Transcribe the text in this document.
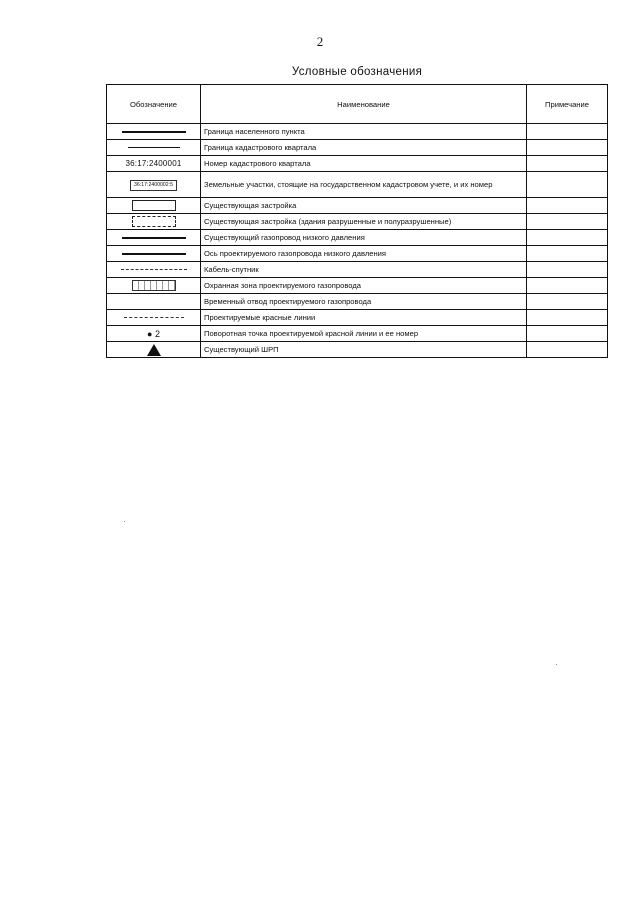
2
Условные обозначения
Обозначение	Наименование	Примечание

	Граница населенного пункта	

	Граница кадастрового квартала	
36:17:2400001	Номер кадастрового квартала	
36:17:2400002:5	Земельные участки, стоящие на государственном кадастровом учете, и их номер	

	Существующая застройка	

	Существующая застройка (здания разрушенные и полуразрушенные)	

	Существующий газопровод низкого давления	

	Ось проектируемого газопровода низкого давления	

	Кабель-спутник	

	Охранная зона проектируемого газопровода	

	Временный отвод проектируемого газопровода	

	Проектируемые красные линии	
● 2	Поворотная точка проектируемой красной линии и ее номер	

	Существующий ШРП	
